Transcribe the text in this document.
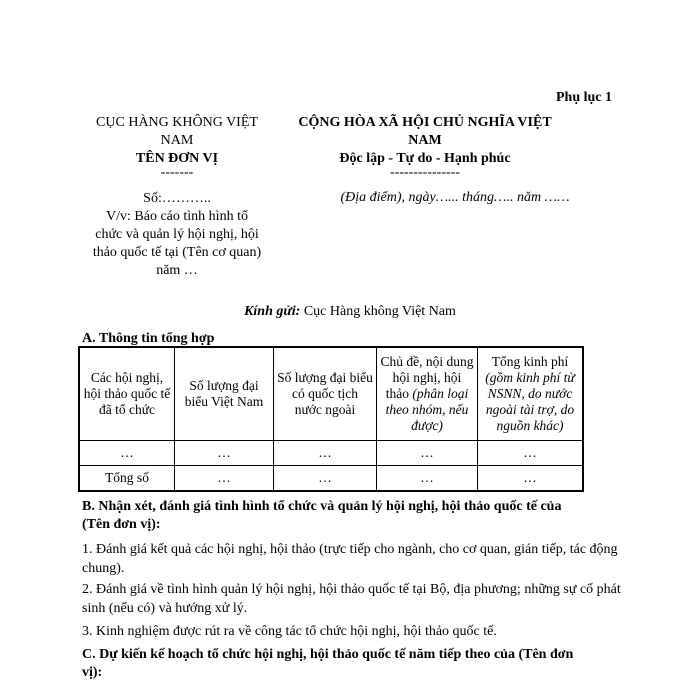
Phụ lục 1
CỤC HÀNG KHÔNG VIỆT
NAM
TÊN ĐƠN VỊ
-------
CỘNG HÒA XÃ HỘI CHỦ NGHĨA VIỆT
NAM
Độc lập - Tự do - Hạnh phúc
---------------
Số:………..
V/v: Báo cáo tình hình tổ
chức và quản lý hội nghị, hội
thảo quốc tế tại (Tên cơ quan)
năm …
(Địa điểm), ngày…... tháng….. năm ……
Kính gửi: Cục Hàng không Việt Nam
A. Thông tin tổng hợp
Các hội nghị, hội thảo quốc tế đã tổ chức	Số lượng đại biểu Việt Nam	Số lượng đại biểu có quốc tịch nước ngoài	Chủ đề, nội dung hội nghị, hội thảo (phân loại theo nhóm, nếu được)	Tổng kinh phí (gồm kinh phí từ NSNN, do nước ngoài tài trợ, do nguồn khác)
…	…	…	…	…
Tổng số	…	…	…	…
B. Nhận xét, đánh giá tình hình tổ chức và quản lý hội nghị, hội thảo quốc tế của
(Tên đơn vị):
1. Đánh giá kết quả các hội nghị, hội thảo (trực tiếp cho ngành, cho cơ quan, gián tiếp, tác động chung).
2. Đánh giá về tình hình quản lý hội nghị, hội thảo quốc tế tại Bộ, địa phương; những sự cố phát sinh (nếu có) và hướng xử lý.
3. Kinh nghiệm được rút ra về công tác tổ chức hội nghị, hội thảo quốc tế.
C. Dự kiến kế hoạch tổ chức hội nghị, hội thảo quốc tế năm tiếp theo của (Tên đơn
vị):
